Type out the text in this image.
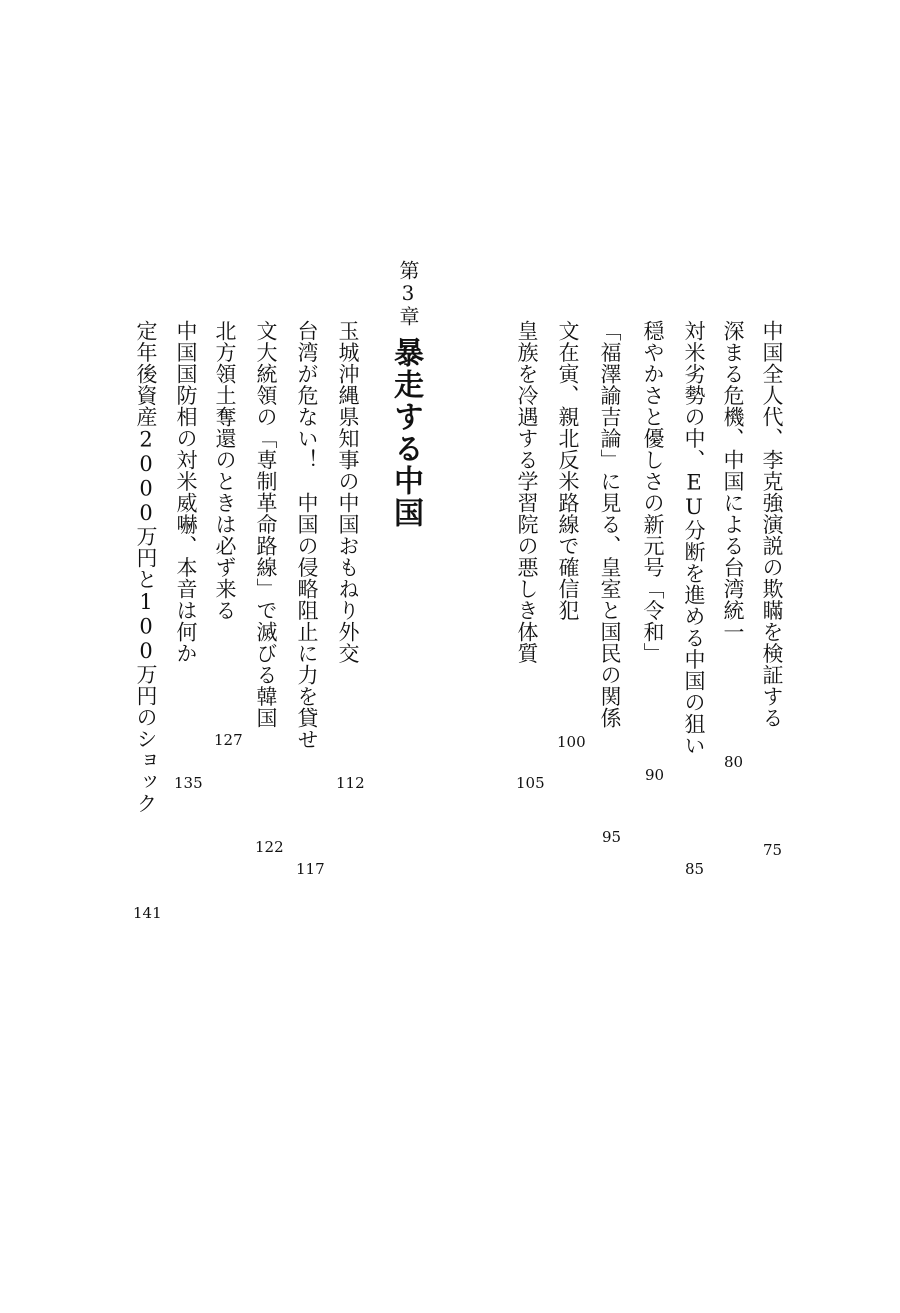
中国全人代、李克強演説の欺瞞を検証する
75
深まる危機、中国による台湾統一
80
対米劣勢の中、EU分断を進める中国の狙い
85
穏やかさと優しさの新元号「令和」
90
「福澤諭吉論」に見る、皇室と国民の関係
95
文在寅、親北反米路線で確信犯
100
皇族を冷遇する学習院の悪しき体質
105
第3章
暴走する中国
玉城沖縄県知事の中国おもねり外交
112
台湾が危ない！　中国の侵略阻止に力を貸せ
117
文大統領の「専制革命路線」で滅びる韓国
122
北方領土奪還のときは必ず来る
127
中国国防相の対米威嚇、本音は何か
135
定年後資産2000万円と100万円のショック
141
